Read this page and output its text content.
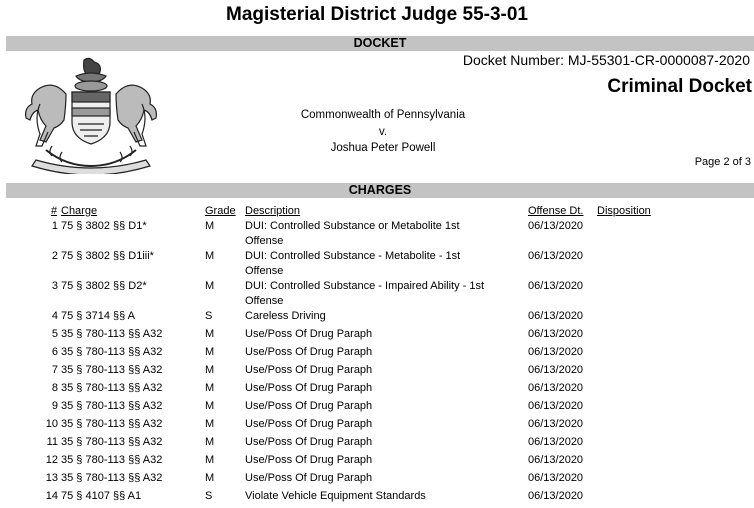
Magisterial District Judge 55-3-01
DOCKET
Docket Number: MJ-55301-CR-0000087-2020
Criminal Docket
Commonwealth of Pennsylvania
v.
Joshua Peter Powell
Page 2 of 3
CHARGES
# Charge	Grade Description	Offense Dt. Disposition
1 75 § 3802 §§ D1*	M	DUI: Controlled Substance or Metabolite 1st	06/13/2020
Offense
2 75 § 3802 §§ D1iii*	M	DUI: Controlled Substance - Metabolite - 1st	06/13/2020
Offense
3 75 § 3802 §§ D2*	M	DUI: Controlled Substance - Impaired Ability - 1st	06/13/2020
Offense
4 75 § 3714 §§ A	S	Careless Driving	06/13/2020
5 35 § 780-113 §§ A32	M	Use/Poss Of Drug Paraph	06/13/2020
6 35 § 780-113 §§ A32	M	Use/Poss Of Drug Paraph	06/13/2020
7 35 § 780-113 §§ A32	M	Use/Poss Of Drug Paraph	06/13/2020
8 35 § 780-113 §§ A32	M	Use/Poss Of Drug Paraph	06/13/2020
9 35 § 780-113 §§ A32	M	Use/Poss Of Drug Paraph	06/13/2020
10 35 § 780-113 §§ A32	M	Use/Poss Of Drug Paraph	06/13/2020
11 35 § 780-113 §§ A32	M	Use/Poss Of Drug Paraph	06/13/2020
12 35 § 780-113 §§ A32	M	Use/Poss Of Drug Paraph	06/13/2020
13 35 § 780-113 §§ A32	M	Use/Poss Of Drug Paraph	06/13/2020
14 75 § 4107 §§ A1	S	Violate Vehicle Equipment Standards	06/13/2020
